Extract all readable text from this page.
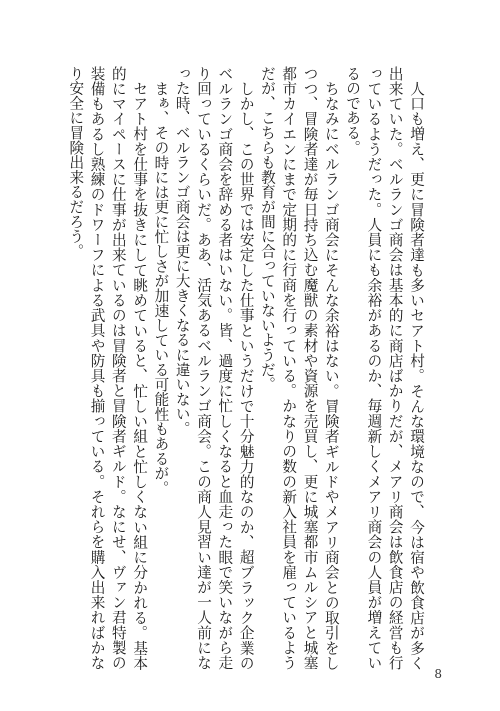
人口も増え、更に冒険者達も多いセアト村。そんな環境なので、今は宿や飲食店が多く出来ていた。ベルランゴ商会は基本的に商店ばかりだが、メアリ商会は飲食店の経営も行っているようだった。人員にも余裕があるのか、毎週新しくメアリ商会の人員が増えているのである。

ちなみにベルランゴ商会にそんな余裕はない。冒険者ギルドやメアリ商会との取引をしつつ、冒険者達が毎日持ち込む魔獣の素材や資源を売買し、更に城塞都市ムルシアと城塞都市カイエンにまで定期的に行商を行っている。かなりの数の新入社員を雇っているようだが、こちらも教育が間に合っていないようだ。

しかし、この世界では安定した仕事というだけで十分魅力的なのか、超ブラック企業のベルランゴ商会を辞める者はいない。皆、過度に忙しくなると血走った眼で笑いながら走り回っているくらいだ。ああ、活気あるベルランゴ商会。この商人見習い達が一人前になった時、ベルランゴ商会は更に大きくなるに違いない。

まぁ、その時には更に忙しさが加速している可能性もあるが。

セアト村を仕事を抜きにして眺めていると、忙しい組と忙しくない組に分かれる。基本的にマイペースに仕事が出来ているのは冒険者と冒険者ギルド。なにせ、ヴァン君特製の装備もあるし熟練のドワーフによる武具や防具も揃っている。それらを購入出来ればかなり安全に冒険出来るだろう。

8
